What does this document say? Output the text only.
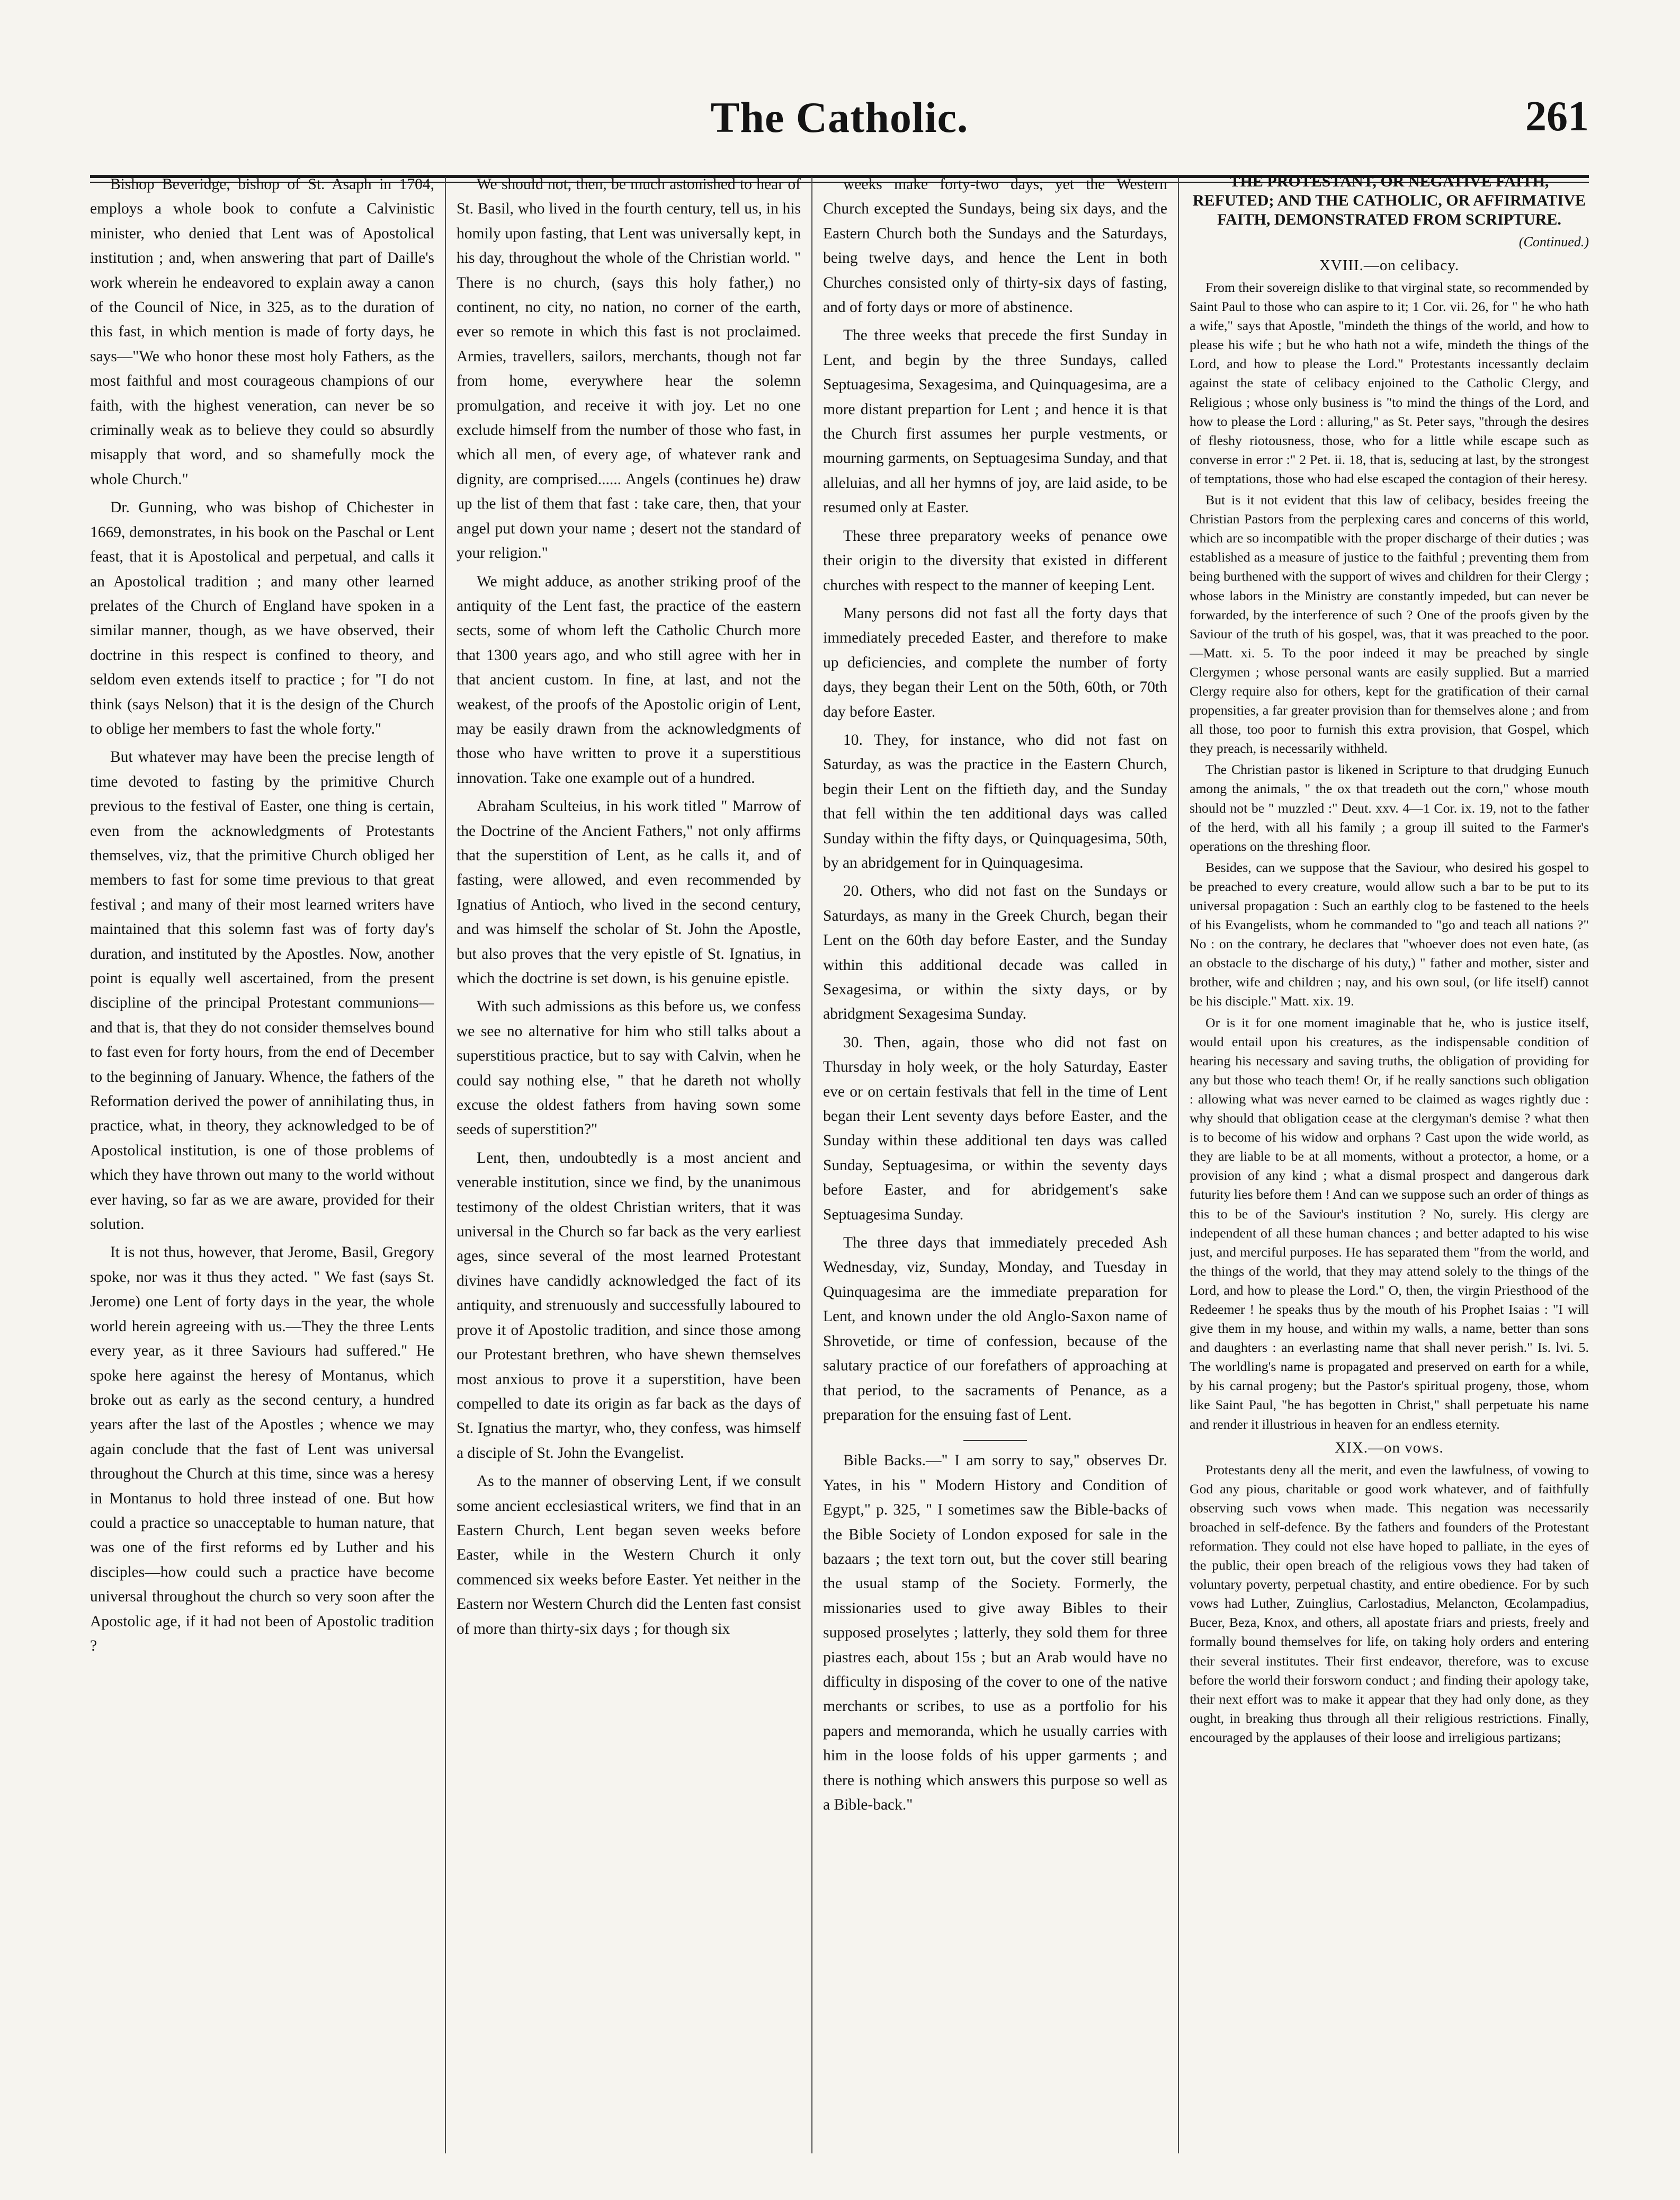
The Catholic.	261

Bishop Beveridge, bishop of St. Asaph in 1704, employs a whole book to confute a Calvinistic minister, who denied that Lent was of Apostolical institution ; and, when answering that part of Daille's work wherein he endeavored to explain away a canon of the Council of Nice, in 325, as to the duration of this fast, in which mention is made of forty days, he says—"We who honor these most holy Fathers, as the most faithful and most courageous champions of our faith, with the highest veneration, can never be so criminally weak as to believe they could so absurdly misapply that word, and so shamefully mock the whole Church."

Dr. Gunning, who was bishop of Chichester in 1669, demonstrates, in his book on the Paschal or Lent feast, that it is Apostolical and perpetual, and calls it an Apostolical tradition ; and many other learned prelates of the Church of England have spoken in a similar manner, though, as we have observed, their doctrine in this respect is confined to theory, and seldom even extends itself to practice ; for "I do not think (says Nelson) that it is the design of the Church to oblige her members to fast the whole forty."

But whatever may have been the precise length of time devoted to fasting by the primitive Church previous to the festival of Easter, one thing is certain, even from the acknowledgments of Protestants themselves, viz, that the primitive Church obliged her members to fast for some time previous to that great festival ; and many of their most learned writers have maintained that this solemn fast was of forty day's duration, and instituted by the Apostles. Now, another point is equally well ascertained, from the present discipline of the principal Protestant communions—and that is, that they do not consider themselves bound to fast even for forty hours, from the end of December to the beginning of January. Whence, the fathers of the Reformation derived the power of annihilating thus, in practice, what, in theory, they acknowledged to be of Apostolical institution, is one of those problems of which they have thrown out many to the world without ever having, so far as we are aware, provided for their solution.

It is not thus, however, that Jerome, Basil, Gregory spoke, nor was it thus they acted. " We fast (says St. Jerome) one Lent of forty days in the year, the whole world herein agreeing with us.—They the three Lents every year, as it three Saviours had suffered." He spoke here against the heresy of Montanus, which broke out as early as the second century, a hundred years after the last of the Apostles ; whence we may again conclude that the fast of Lent was universal throughout the Church at this time, since was a heresy in Montanus to hold three instead of one. But how could a practice so unacceptable to human nature, that was one of the first reforms ed by Luther and his disciples—how could such a practice have become universal throughout the church so very soon after the Apostolic age, if it had not been of Apostolic tradition ?

We should not, then, be much astonished to hear of St. Basil, who lived in the fourth century, tell us, in his homily upon fasting, that Lent was universally kept, in his day, throughout the whole of the Christian world. " There is no church, (says this holy father,) no continent, no city, no nation, no corner of the earth, ever so remote in which this fast is not proclaimed. Armies, travellers, sailors, merchants, though not far from home, everywhere hear the solemn promulgation, and receive it with joy. Let no one exclude himself from the number of those who fast, in which all men, of every age, of whatever rank and dignity, are comprised...... Angels (continues he) draw up the list of them that fast : take care, then, that your angel put down your name ; desert not the standard of your religion."

We might adduce, as another striking proof of the antiquity of the Lent fast, the practice of the eastern sects, some of whom left the Catholic Church more that 1300 years ago, and who still agree with her in that ancient custom. In fine, at last, and not the weakest, of the proofs of the Apostolic origin of Lent, may be easily drawn from the acknowledgments of those who have written to prove it a superstitious innovation. Take one example out of a hundred.

Abraham Sculteius, in his work titled " Marrow of the Doctrine of the Ancient Fathers," not only affirms that the superstition of Lent, as he calls it, and of fasting, were allowed, and even recommended by Ignatius of Antioch, who lived in the second century, and was himself the scholar of St. John the Apostle, but also proves that the very epistle of St. Ignatius, in which the doctrine is set down, is his genuine epistle.

With such admissions as this before us, we confess we see no alternative for him who still talks about a superstitious practice, but to say with Calvin, when he could say nothing else, " that he dareth not wholly excuse the oldest fathers from having sown some seeds of superstition?"

Lent, then, undoubtedly is a most ancient and venerable institution, since we find, by the unanimous testimony of the oldest Christian writers, that it was universal in the Church so far back as the very earliest ages, since several of the most learned Protestant divines have candidly acknowledged the fact of its antiquity, and strenuously and successfully laboured to prove it of Apostolic tradition, and since those among our Protestant brethren, who have shewn themselves most anxious to prove it a superstition, have been compelled to date its origin as far back as the days of St. Ignatius the martyr, who, they confess, was himself a disciple of St. John the Evangelist.

As to the manner of observing Lent, if we consult some ancient ecclesiastical writers, we find that in an Eastern Church, Lent began seven weeks before Easter, while in the Western Church it only commenced six weeks before Easter. Yet neither in the Eastern nor Western Church did the Lenten fast consist of more than thirty-six days ; for though six

weeks make forty-two days, yet the Western Church excepted the Sundays, being six days, and the Eastern Church both the Sundays and the Saturdays, being twelve days, and hence the Lent in both Churches consisted only of thirty-six days of fasting, and of forty days or more of abstinence.

The three weeks that precede the first Sunday in Lent, and begin by the three Sundays, called Septuagesima, Sexagesima, and Quinquagesima, are a more distant prepartion for Lent ; and hence it is that the Church first assumes her purple vestments, or mourning garments, on Septuagesima Sunday, and that alleluias, and all her hymns of joy, are laid aside, to be resumed only at Easter.

These three preparatory weeks of penance owe their origin to the diversity that existed in different churches with respect to the manner of keeping Lent.

Many persons did not fast all the forty days that immediately preceded Easter, and therefore to make up deficiencies, and complete the number of forty days, they began their Lent on the 50th, 60th, or 70th day before Easter.

10. They, for instance, who did not fast on Saturday, as was the practice in the Eastern Church, begin their Lent on the fiftieth day, and the Sunday that fell within the ten additional days was called Sunday within the fifty days, or Quinquagesima, 50th, by an abridgement for in Quinquagesima.

20. Others, who did not fast on the Sundays or Saturdays, as many in the Greek Church, began their Lent on the 60th day before Easter, and the Sunday within this additional decade was called in Sexagesima, or within the sixty days, or by abridgment Sexagesima Sunday.

30. Then, again, those who did not fast on Thursday in holy week, or the holy Saturday, Easter eve or on certain festivals that fell in the time of Lent began their Lent seventy days before Easter, and the Sunday within these additional ten days was called Sunday, Septuagesima, or within the seventy days before Easter, and for abridgement's sake Septuagesima Sunday.

The three days that immediately preceded Ash Wednesday, viz, Sunday, Monday, and Tuesday in Quinquagesima are the immediate preparation for Lent, and known under the old Anglo-Saxon name of Shrovetide, or time of confession, because of the salutary practice of our forefathers of approaching at that period, to the sacraments of Penance, as a preparation for the ensuing fast of Lent.

Bible Backs.—" I am sorry to say," observes Dr. Yates, in his " Modern History and Condition of Egypt," p. 325, " I sometimes saw the Bible-backs of the Bible Society of London exposed for sale in the bazaars ; the text torn out, but the cover still bearing the usual stamp of the Society. Formerly, the missionaries used to give away Bibles to their supposed proselytes ; latterly, they sold them for three piastres each, about 15s ; but an Arab would have no difficulty in disposing of the cover to one of the native merchants or scribes, to use as a portfolio for his papers and memoranda, which he usually carries with him in the loose folds of his upper garments ; and there is nothing which answers this purpose so well as a Bible-back."

THE PROTESTANT, OR NEGATIVE FAITH, REFUTED; AND THE CATHOLIC, OR AFFIRMATIVE FAITH, DEMONSTRATED FROM SCRIPTURE.

(Continued.)

XVIII.—on celibacy.

From their sovereign dislike to that virginal state, so recommended by Saint Paul to those who can aspire to it; 1 Cor. vii. 26, for " he who hath a wife," says that Apostle, "mindeth the things of the world, and how to please his wife ; but he who hath not a wife, mindeth the things of the Lord, and how to please the Lord." Protestants incessantly declaim against the state of celibacy enjoined to the Catholic Clergy, and Religious ; whose only business is "to mind the things of the Lord, and how to please the Lord : alluring," as St. Peter says, "through the desires of fleshy riotousness, those, who for a little while escape such as converse in error :" 2 Pet. ii. 18, that is, seducing at last, by the strongest of temptations, those who had else escaped the contagion of their heresy.

But is it not evident that this law of celibacy, besides freeing the Christian Pastors from the perplexing cares and concerns of this world, which are so incompatible with the proper discharge of their duties ; was established as a measure of justice to the faithful ; preventing them from being burthened with the support of wives and children for their Clergy ; whose labors in the Ministry are constantly impeded, but can never be forwarded, by the interference of such ? One of the proofs given by the Saviour of the truth of his gospel, was, that it was preached to the poor.—Matt. xi. 5. To the poor indeed it may be preached by single Clergymen ; whose personal wants are easily supplied. But a married Clergy require also for others, kept for the gratification of their carnal propensities, a far greater provision than for themselves alone ; and from all those, too poor to furnish this extra provision, that Gospel, which they preach, is necessarily withheld.

The Christian pastor is likened in Scripture to that drudging Eunuch among the animals, " the ox that treadeth out the corn," whose mouth should not be " muzzled :" Deut. xxv. 4—1 Cor. ix. 19, not to the father of the herd, with all his family ; a group ill suited to the Farmer's operations on the threshing floor.

Besides, can we suppose that the Saviour, who desired his gospel to be preached to every creature, would allow such a bar to be put to its universal propagation : Such an earthly clog to be fastened to the heels of his Evangelists, whom he commanded to "go and teach all nations ?" No : on the contrary, he declares that "whoever does not even hate, (as an obstacle to the discharge of his duty,) " father and mother, sister and brother, wife and children ; nay, and his own soul, (or life itself) cannot be his disciple." Matt. xix. 19.

Or is it for one moment imaginable that he, who is justice itself, would entail upon his creatures, as the indispensable condition of hearing his necessary and saving truths, the obligation of providing for any but those who teach them! Or, if he really sanctions such obligation : allowing what was never earned to be claimed as wages rightly due : why should that obligation cease at the clergyman's demise ? what then is to become of his widow and orphans ? Cast upon the wide world, as they are liable to be at all moments, without a protector, a home, or a provision of any kind ; what a dismal prospect and dangerous dark futurity lies before them ! And can we suppose such an order of things as this to be of the Saviour's institution ? No, surely. His clergy are independent of all these human chances ; and better adapted to his wise just, and merciful purposes. He has separated them "from the world, and the things of the world, that they may attend solely to the things of the Lord, and how to please the Lord." O, then, the virgin Priesthood of the Redeemer ! he speaks thus by the mouth of his Prophet Isaias : "I will give them in my house, and within my walls, a name, better than sons and daughters : an everlasting name that shall never perish." Is. lvi. 5. The worldling's name is propagated and preserved on earth for a while, by his carnal progeny; but the Pastor's spiritual progeny, those, whom like Saint Paul, "he has begotten in Christ," shall perpetuate his name and render it illustrious in heaven for an endless eternity.

XIX.—on vows.

Protestants deny all the merit, and even the lawfulness, of vowing to God any pious, charitable or good work whatever, and of faithfully observing such vows when made. This negation was necessarily broached in self-defence. By the fathers and founders of the Protestant reformation. They could not else have hoped to palliate, in the eyes of the public, their open breach of the religious vows they had taken of voluntary poverty, perpetual chastity, and entire obedience. For by such vows had Luther, Zuinglius, Carlostadius, Melancton, Œcolampadius, Bucer, Beza, Knox, and others, all apostate friars and priests, freely and formally bound themselves for life, on taking holy orders and entering their several institutes. Their first endeavor, therefore, was to excuse before the world their forsworn conduct ; and finding their apology take, their next effort was to make it appear that they had only done, as they ought, in breaking thus through all their religious restrictions. Finally, encouraged by the applauses of their loose and irreligious partizans;
